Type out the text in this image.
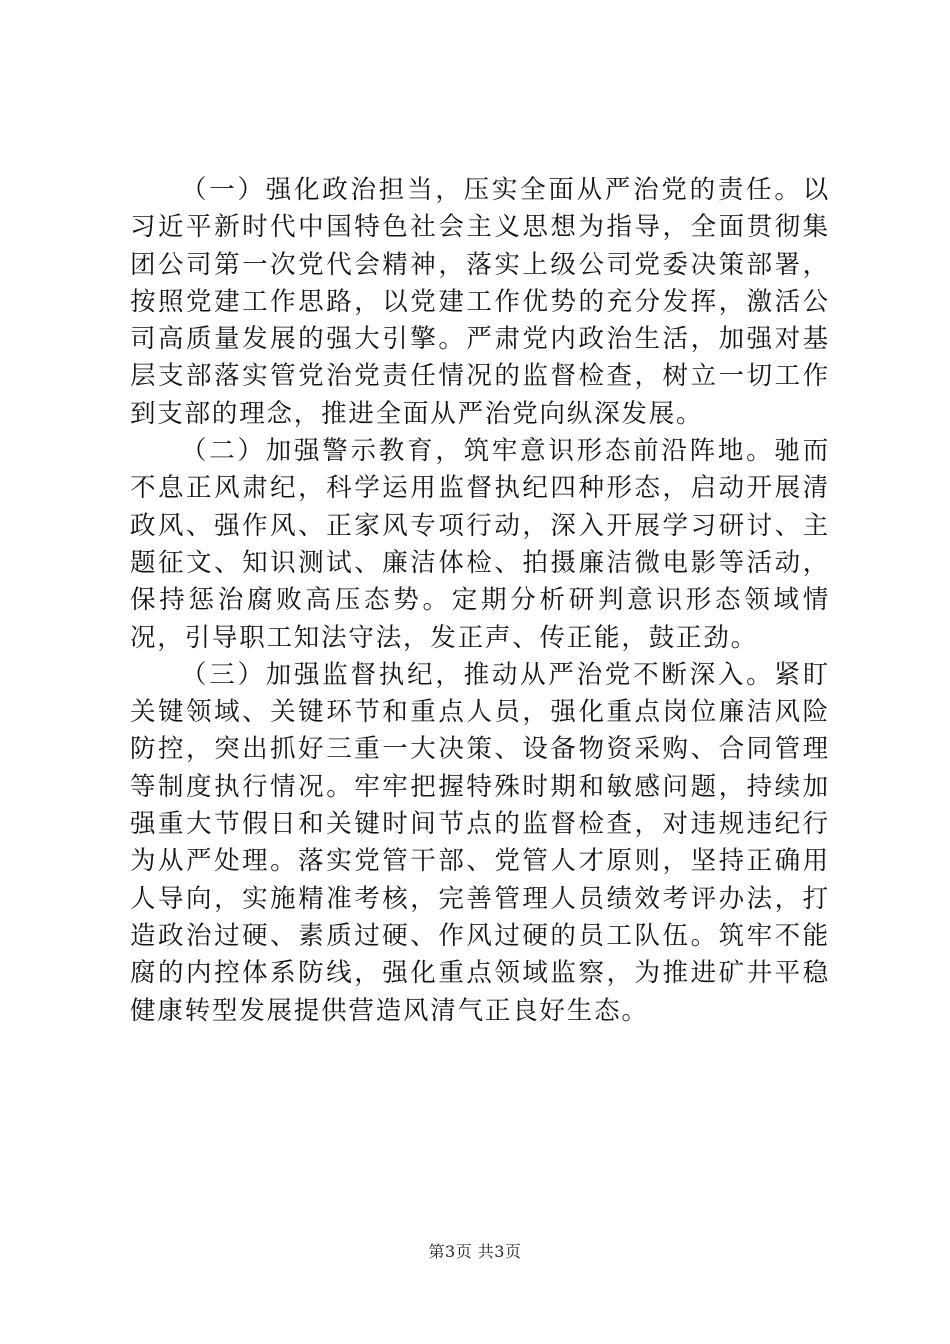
（一）强化政治担当，压实全面从严治党的责任。以习近平新时代中国特色社会主义思想为指导，全面贯彻集团公司第一次党代会精神，落实上级公司党委决策部署，按照党建工作思路，以党建工作优势的充分发挥，激活公司高质量发展的强大引擎。严肃党内政治生活，加强对基层支部落实管党治党责任情况的监督检查，树立一切工作到支部的理念，推进全面从严治党向纵深发展。

（二）加强警示教育，筑牢意识形态前沿阵地。驰而不息正风肃纪，科学运用监督执纪四种形态，启动开展清政风、强作风、正家风专项行动，深入开展学习研讨、主题征文、知识测试、廉洁体检、拍摄廉洁微电影等活动，保持惩治腐败高压态势。定期分析研判意识形态领域情况，引导职工知法守法，发正声、传正能，鼓正劲。

（三）加强监督执纪，推动从严治党不断深入。紧盯关键领域、关键环节和重点人员，强化重点岗位廉洁风险防控，突出抓好三重一大决策、设备物资采购、合同管理等制度执行情况。牢牢把握特殊时期和敏感问题，持续加强重大节假日和关键时间节点的监督检查，对违规违纪行为从严处理。落实党管干部、党管人才原则，坚持正确用人导向，实施精准考核，完善管理人员绩效考评办法，打造政治过硬、素质过硬、作风过硬的员工队伍。筑牢不能腐的内控体系防线，强化重点领域监察，为推进矿井平稳健康转型发展提供营造风清气正良好生态。

第3页 共3页
